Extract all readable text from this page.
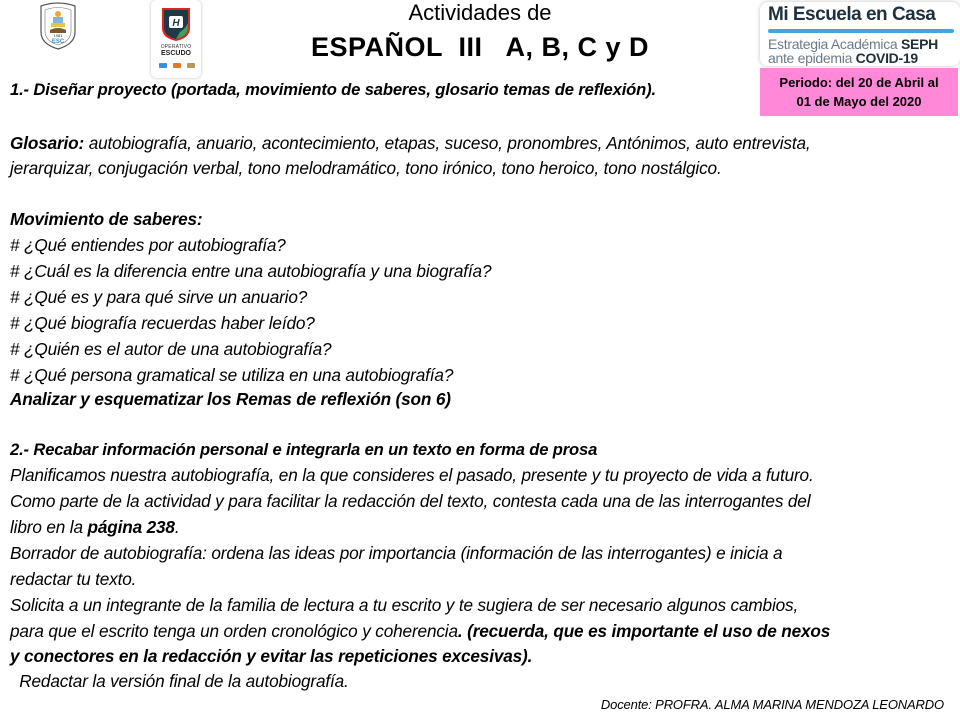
1981
ESC
H
OPERATIVO
ESCUDO
Actividades de
ESPAÑOL  III   A, B, C y D
Mi Escuela en Casa
Estrategia Académica SEPH
ante epidemia COVID-19
Periodo: del 20 de Abril al
01 de Mayo del 2020
1.- Diseñar proyecto (portada, movimiento de saberes, glosario temas de reflexión).
Glosario: autobiografía, anuario, acontecimiento, etapas, suceso, pronombres, Antónimos, auto entrevista,
jerarquizar, conjugación verbal, tono melodramático, tono irónico, tono heroico, tono nostálgico.
Movimiento de saberes:
# ¿Qué entiendes por autobiografía?
# ¿Cuál es la diferencia entre una autobiografía y una biografía?
# ¿Qué es y para qué sirve un anuario?
# ¿Qué biografía recuerdas haber leído?
# ¿Quién es el autor de una autobiografía?
# ¿Qué persona gramatical se utiliza en una autobiografía?
Analizar y esquematizar los Remas de reflexión (son 6)
2.- Recabar información personal e integrarla en un texto en forma de prosa
Planificamos nuestra autobiografía, en la que consideres el pasado, presente y tu proyecto de vida a futuro.
Como parte de la actividad y para facilitar la redacción del texto, contesta cada una de las interrogantes del
libro en la página 238.
Borrador de autobiografía: ordena las ideas por importancia (información de las interrogantes) e inicia a
redactar tu texto.
Solicita a un integrante de la familia de lectura a tu escrito y te sugiera de ser necesario algunos cambios,
para que el escrito tenga un orden cronológico y coherencia. (recuerda, que es importante el uso de nexos
y conectores en la redacción y evitar las repeticiones excesivas).
Redactar la versión final de la autobiografía.
Docente: PROFRA. ALMA MARINA MENDOZA LEONARDO
